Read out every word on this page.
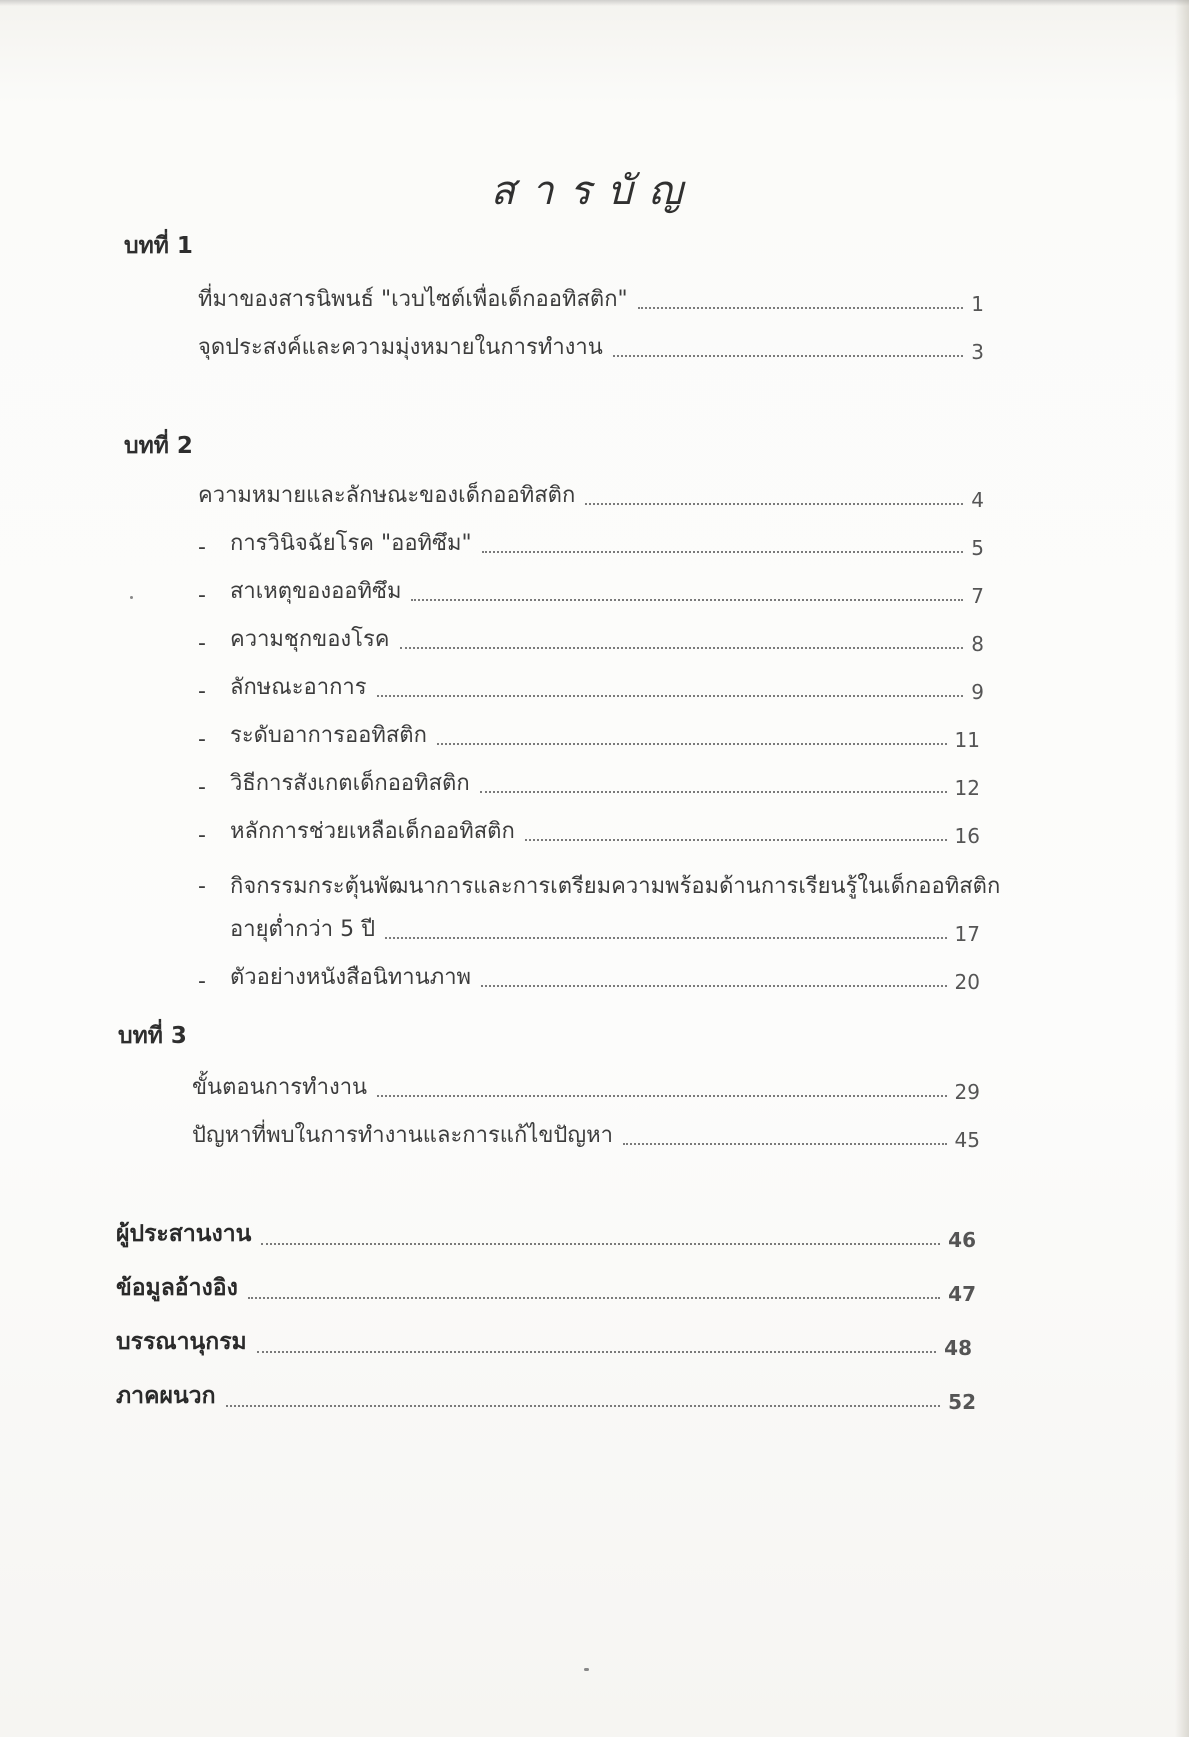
สารบัญ
บทที่ 1
ที่มาของสารนิพนธ์ "เวบไซต์เพื่อเด็กออทิสติก"	1
จุดประสงค์และความมุ่งหมายในการทำงาน	3
บทที่ 2
ความหมายและลักษณะของเด็กออทิสติก	4
-	การวินิจฉัยโรค "ออทิซึม"	5
-	สาเหตุของออทิซึม	7
-	ความชุกของโรค	8
-	ลักษณะอาการ	9
-	ระดับอาการออทิสติก	11
-	วิธีการสังเกตเด็กออทิสติก	12
-	หลักการช่วยเหลือเด็กออทิสติก	16
- กิจกรรมกระตุ้นพัฒนาการและการเตรียมความพร้อมด้านการเรียนรู้ในเด็กออทิสติก
อายุต่ำกว่า 5 ปี	17
-	ตัวอย่างหนังสือนิทานภาพ	20
บทที่ 3
ขั้นตอนการทำงาน	29
ปัญหาที่พบในการทำงานและการแก้ไขปัญหา	45
ผู้ประสานงาน	46
ข้อมูลอ้างอิง	47
บรรณานุกรม	48
ภาคผนวก	52
